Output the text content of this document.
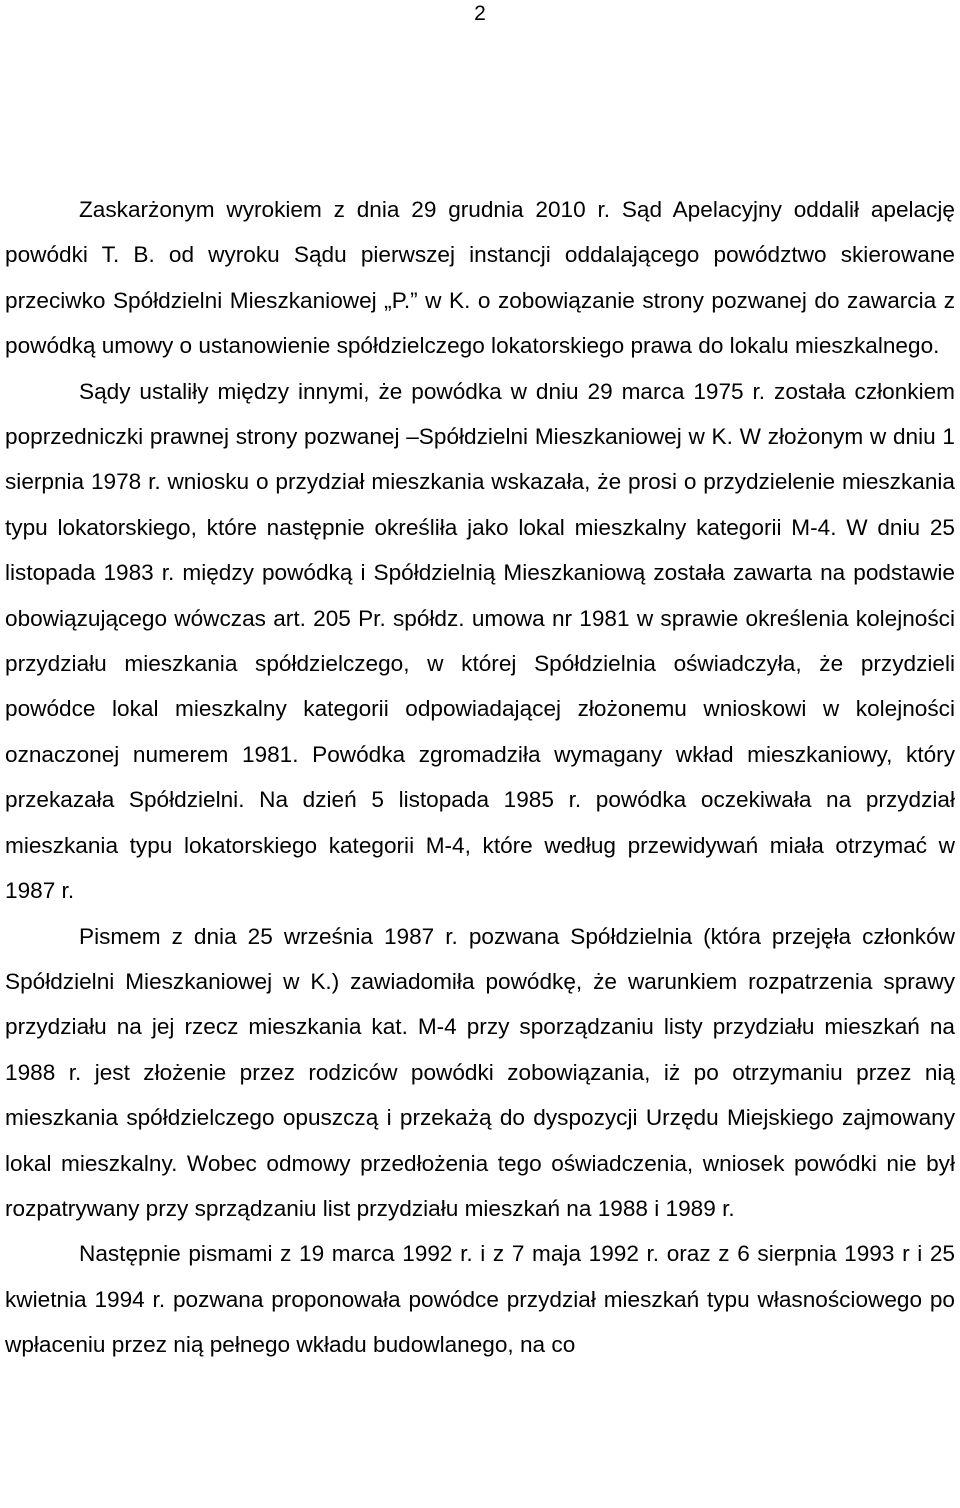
2

Zaskarżonym wyrokiem z dnia 29 grudnia 2010 r. Sąd Apelacyjny oddalił apelację powódki T. B. od wyroku Sądu pierwszej instancji oddalającego powództwo skierowane przeciwko Spółdzielni Mieszkaniowej „P.” w K. o zobowiązanie strony pozwanej do zawarcia z powódką umowy o ustanowienie spółdzielczego lokatorskiego prawa do lokalu mieszkalnego.

Sądy ustaliły między innymi, że powódka w dniu 29 marca 1975 r. została członkiem poprzedniczki prawnej strony pozwanej –Spółdzielni Mieszkaniowej w K. W złożonym w dniu 1 sierpnia 1978 r. wniosku o przydział mieszkania wskazała, że prosi o przydzielenie mieszkania typu lokatorskiego, które następnie określiła jako lokal mieszkalny kategorii M-4. W dniu 25 listopada 1983 r. między powódką i Spółdzielnią Mieszkaniową została zawarta na podstawie obowiązującego wówczas art. 205 Pr. spółdz. umowa nr 1981 w sprawie określenia kolejności przydziału mieszkania spółdzielczego, w której Spółdzielnia oświadczyła, że przydzieli powódce lokal mieszkalny kategorii odpowiadającej złożonemu wnioskowi w kolejności oznaczonej numerem 1981. Powódka zgromadziła wymagany wkład mieszkaniowy, który przekazała Spółdzielni. Na dzień 5 listopada 1985 r. powódka oczekiwała na przydział mieszkania typu lokatorskiego kategorii M-4, które według przewidywań miała otrzymać w 1987 r.

Pismem z dnia 25 września 1987 r. pozwana Spółdzielnia (która przejęła członków Spółdzielni Mieszkaniowej w K.) zawiadomiła powódkę, że warunkiem rozpatrzenia sprawy przydziału na jej rzecz mieszkania kat. M-4 przy sporządzaniu listy przydziału mieszkań na 1988 r. jest złożenie przez rodziców powódki zobowiązania, iż po otrzymaniu przez nią mieszkania spółdzielczego opuszczą i przekażą do dyspozycji Urzędu Miejskiego zajmowany lokal mieszkalny. Wobec odmowy przedłożenia tego oświadczenia, wniosek powódki nie był rozpatrywany przy sprządzaniu list przydziału mieszkań na 1988 i 1989 r.

Następnie pismami z 19 marca 1992 r. i z 7 maja 1992 r. oraz z 6 sierpnia 1993 r i 25 kwietnia 1994 r. pozwana proponowała powódce przydział mieszkań typu własnościowego po wpłaceniu przez nią pełnego wkładu budowlanego, na co
